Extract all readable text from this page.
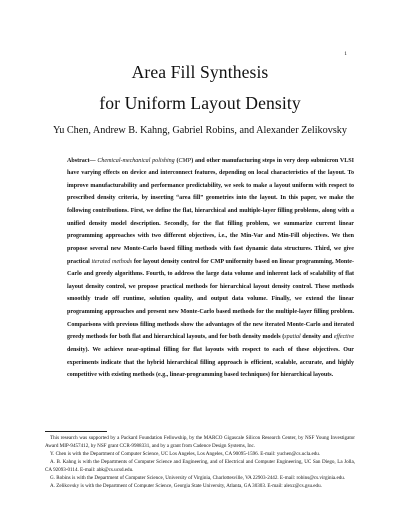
1
Area Fill Synthesis
for Uniform Layout Density
Yu Chen, Andrew B. Kahng, Gabriel Robins, and Alexander Zelikovsky
Abstract— Chemical-mechanical polishing (CMP) and other manufacturing steps in very deep submicron VLSI have varying effects on device and interconnect features, depending on local characteristics of the layout. To improve manufacturability and performance predictability, we seek to make a layout uniform with respect to prescribed density criteria, by inserting “area fill” geometries into the layout. In this paper, we make the following contributions. First, we define the flat, hierarchical and multiple-layer filling problems, along with a unified density model description. Secondly, for the flat filling problem, we summarize current linear programming approaches with two different objectives, i.e., the Min-Var and Min-Fill objectives. We then propose several new Monte-Carlo based filling methods with fast dynamic data structures. Third, we give practical iterated methods for layout density control for CMP uniformity based on linear programming, Monte-Carlo and greedy algorithms. Fourth, to address the large data volume and inherent lack of scalability of flat layout density control, we propose practical methods for hierarchical layout density control. These methods smoothly trade off runtime, solution quality, and output data volume. Finally, we extend the linear programming approaches and present new Monte-Carlo based methods for the multiple-layer filling problem. Comparisons with previous filling methods show the advantages of the new iterated Monte-Carlo and iterated greedy methods for both flat and hierarchical layouts, and for both density models (spatial density and effective density). We achieve near-optimal filling for flat layouts with respect to each of these objectives. Our experiments indicate that the hybrid hierarchical filling approach is efficient, scalable, accurate, and highly competitive with existing methods (e.g., linear-programming based techniques) for hierarchical layouts.

This research was supported by a Packard Foundation Fellowship, by the MARCO Gigascale Silicon Research Center, by NSF Young Investigator Award MIP-9457412, by NSF grant CCR-9988331, and by a grant from Cadence Design Systems, Inc.

Y. Chen is with the Department of Computer Science, UC Los Angeles, Los Angeles, CA 90095-1596. E-mail: yuchen@cs.ucla.edu.

A. B. Kahng is with the Departments of Computer Science and Engineering, and of Electrical and Computer Engineering, UC San Diego, La Jolla, CA 92093-0114. E-mail: abk@cs.ucsd.edu.

G. Robins is with the Department of Computer Science, University of Virginia, Charlottesville, VA 22903-2442. E-mail: robins@cs.virginia.edu.

A. Zelikovsky is with the Department of Computer Science, Georgia State University, Atlanta, GA 30303. E-mail: alexz@cs.gsu.edu.
